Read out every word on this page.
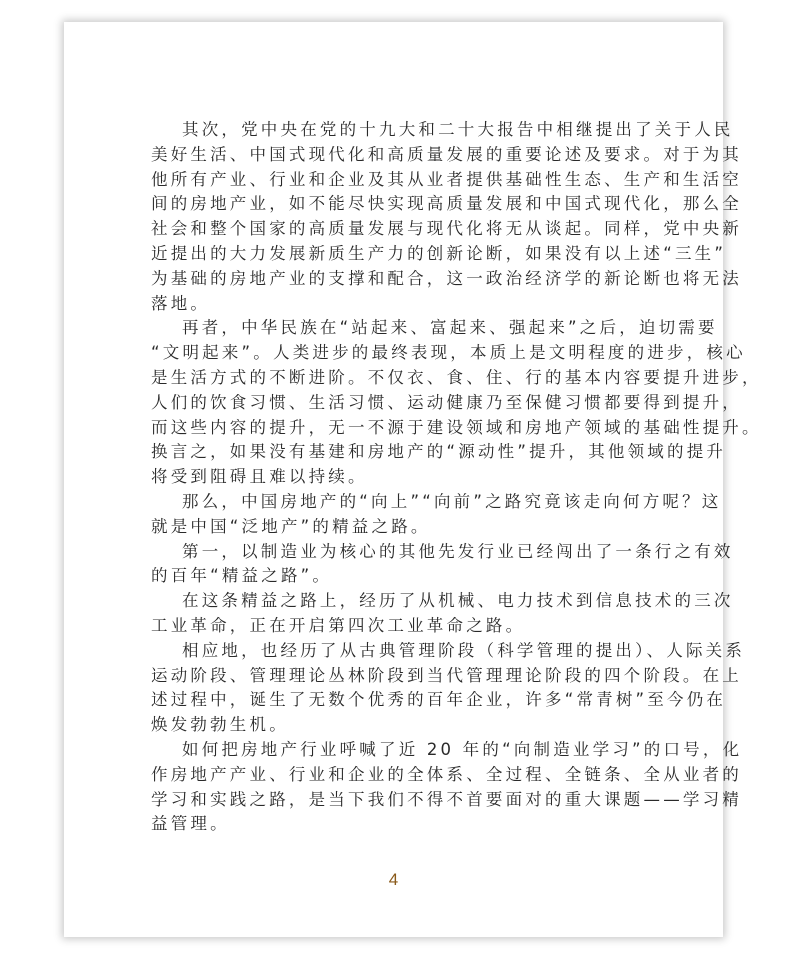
其次，党中央在党的十九大和二十大报告中相继提出了关于人民
美好生活、中国式现代化和高质量发展的重要论述及要求。对于为其
他所有产业、行业和企业及其从业者提供基础性生态、生产和生活空
间的房地产业，如不能尽快实现高质量发展和中国式现代化，那么全
社会和整个国家的高质量发展与现代化将无从谈起。同样，党中央新
近提出的大力发展新质生产力的创新论断，如果没有以上述“三生”
为基础的房地产业的支撑和配合，这一政治经济学的新论断也将无法
落地。
再者，中华民族在“站起来、富起来、强起来”之后，迫切需要
“文明起来”。人类进步的最终表现，本质上是文明程度的进步，核心
是生活方式的不断进阶。不仅衣、食、住、行的基本内容要提升进步，
人们的饮食习惯、生活习惯、运动健康乃至保健习惯都要得到提升，
而这些内容的提升，无一不源于建设领域和房地产领域的基础性提升。
换言之，如果没有基建和房地产的“源动性”提升，其他领域的提升
将受到阻碍且难以持续。
那么，中国房地产的“向上”“向前”之路究竟该走向何方呢？这
就是中国“泛地产”的精益之路。
第一，以制造业为核心的其他先发行业已经闯出了一条行之有效
的百年“精益之路”。
在这条精益之路上，经历了从机械、电力技术到信息技术的三次
工业革命，正在开启第四次工业革命之路。
相应地，也经历了从古典管理阶段（科学管理的提出）、人际关系
运动阶段、管理理论丛林阶段到当代管理理论阶段的四个阶段。在上
述过程中，诞生了无数个优秀的百年企业，许多“常青树”至今仍在
焕发勃勃生机。
如何把房地产行业呼喊了近 20 年的“向制造业学习”的口号，化
作房地产产业、行业和企业的全体系、全过程、全链条、全从业者的
学习和实践之路，是当下我们不得不首要面对的重大课题——学习精
益管理。
4
